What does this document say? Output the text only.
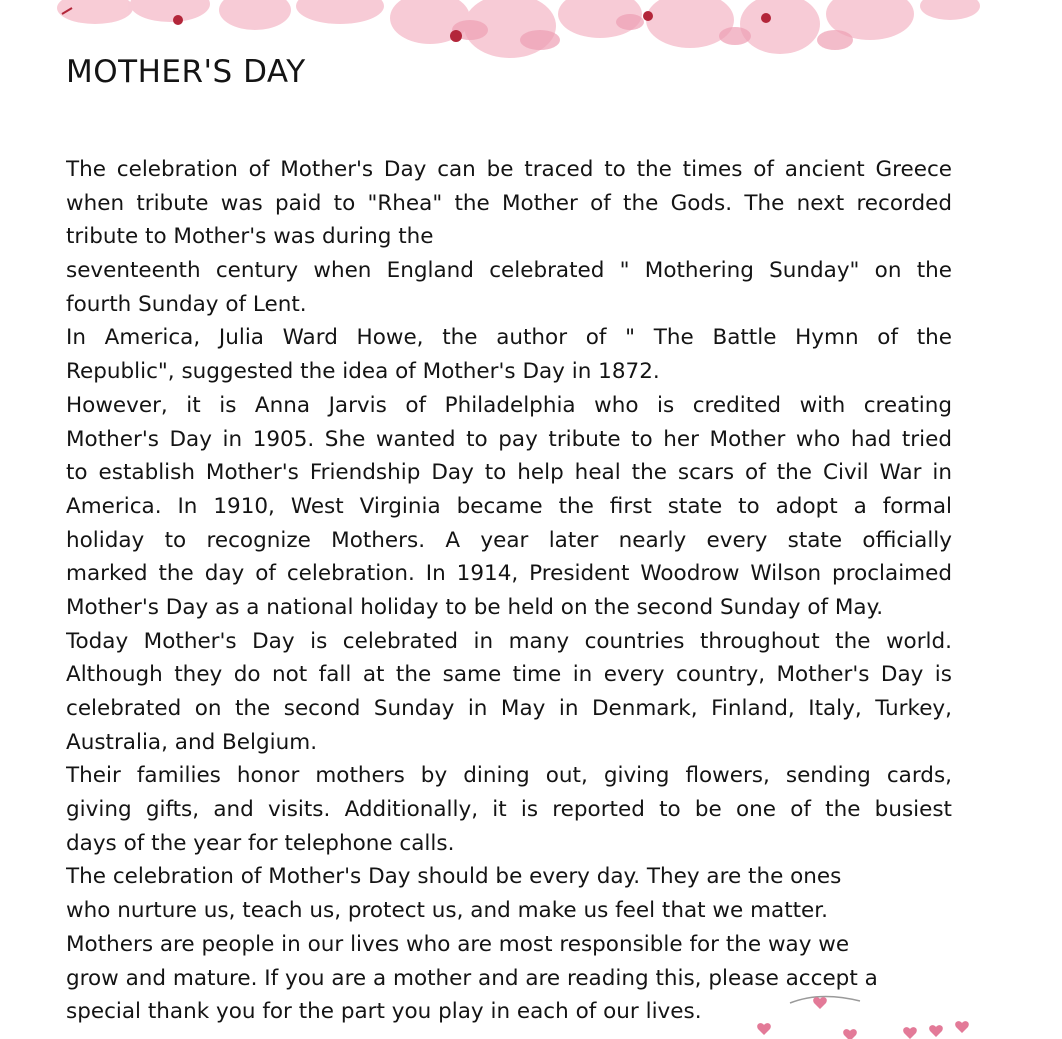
MOTHER'S DAY
The celebration of Mother's Day can be traced to the times of ancient Greece
when tribute was paid to "Rhea" the Mother of the Gods. The next recorded
tribute to Mother's was during the
seventeenth century when England celebrated " Mothering Sunday" on the
fourth Sunday of Lent.
In America, Julia Ward Howe, the author of " The Battle Hymn of the
Republic", suggested the idea of Mother's Day in 1872.
However, it is Anna Jarvis of Philadelphia who is credited with creating
Mother's Day in 1905. She wanted to pay tribute to her Mother who had tried
to establish Mother's Friendship Day to help heal the scars of the Civil War in
America. In 1910, West Virginia became the first state to adopt a formal
holiday to recognize Mothers. A year later nearly every state officially
marked the day of celebration. In 1914, President Woodrow Wilson proclaimed
Mother's Day as a national holiday to be held on the second Sunday of May.
Today Mother's Day is celebrated in many countries throughout the world.
Although they do not fall at the same time in every country, Mother's Day is
celebrated on the second Sunday in May in Denmark, Finland, Italy, Turkey,
Australia, and Belgium.
Their families honor mothers by dining out, giving flowers, sending cards,
giving gifts, and visits. Additionally, it is reported to be one of the busiest
days of the year for telephone calls.
The celebration of Mother's Day should be every day. They are the ones
who nurture us, teach us, protect us, and make us feel that we matter.
Mothers are people in our lives who are most responsible for the way we
grow and mature. If you are a mother and are reading this, please accept a
special thank you for the part you play in each of our lives.
